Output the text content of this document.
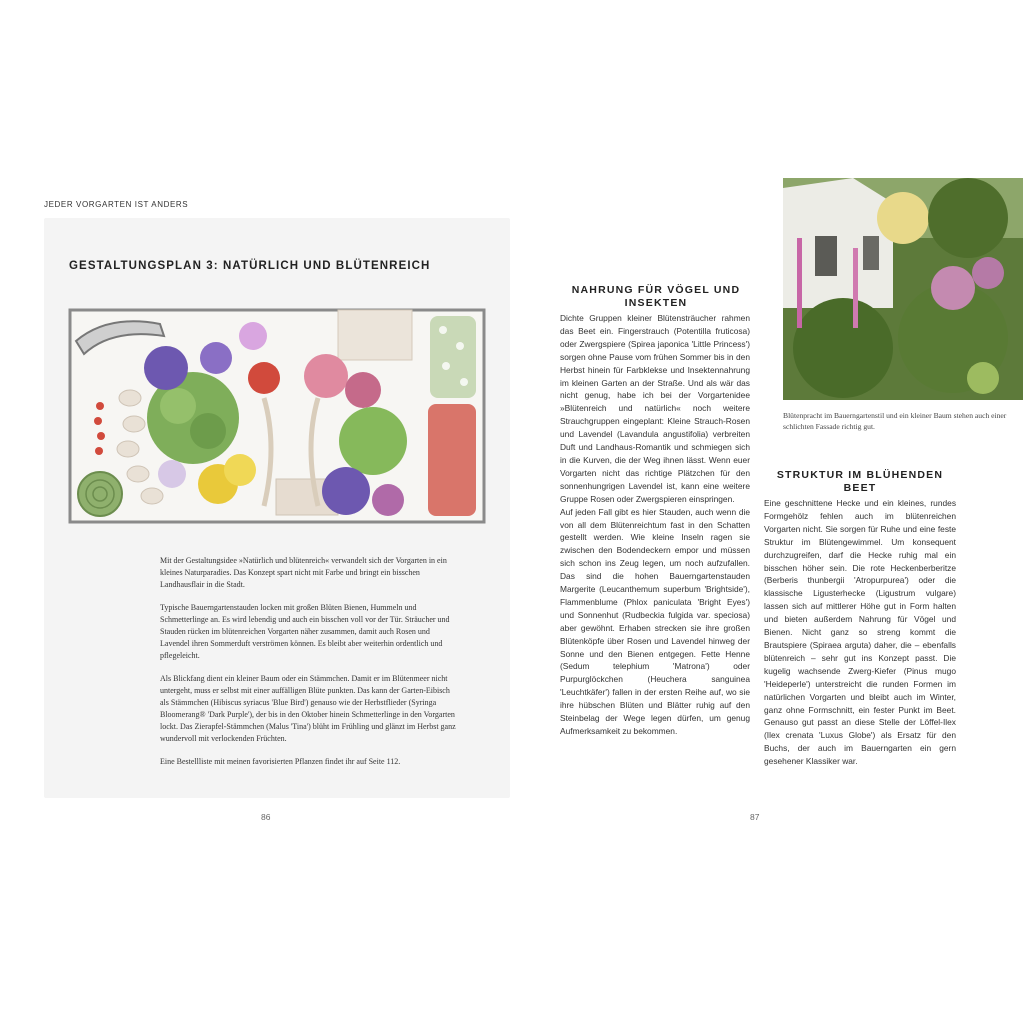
JEDER VORGARTEN IST ANDERS
GESTALTUNGSPLAN 3: NATÜRLICH UND BLÜTENREICH

Mit der Gestaltungsidee »Natürlich und blütenreich« verwandelt sich der Vorgarten in ein kleines Naturparadies. Das Konzept spart nicht mit Farbe und bringt ein bisschen Landhausflair in die Stadt.

Typische Bauerngartenstauden locken mit großen Blüten Bienen, Hummeln und Schmetterlinge an. Es wird lebendig und auch ein bisschen voll vor der Tür. Sträucher und Stauden rücken im blütenreichen Vorgarten näher zusammen, damit auch Rosen und Lavendel ihren Sommerduft verströmen können. Es bleibt aber weiterhin ordentlich und pflegeleicht.

Als Blickfang dient ein kleiner Baum oder ein Stämmchen. Damit er im Blütenmeer nicht untergeht, muss er selbst mit einer auffälligen Blüte punkten. Das kann der Garten-Eibisch als Stämmchen (Hibiscus syriacus 'Blue Bird') genauso wie der Herbstflieder (Syringa Bloomerang® 'Dark Purple'), der bis in den Oktober hinein Schmetterlinge in den Vorgarten lockt. Das Zierapfel-Stämmchen (Malus 'Tina') blüht im Frühling und glänzt im Herbst ganz wundervoll mit verlockenden Früchten.

Eine Bestellliste mit meinen favorisierten Pflanzen findet ihr auf Seite 112.

86
NAHRUNG FÜR VÖGEL UND INSEKTEN

Dichte Gruppen kleiner Blütensträucher rahmen das Beet ein. Fingerstrauch (Potentilla fruticosa) oder Zwergspiere (Spirea japonica 'Little Princess') sorgen ohne Pause vom frühen Sommer bis in den Herbst hinein für Farbklekse und Insektennahrung im kleinen Garten an der Straße. Und als wär das nicht genug, habe ich bei der Vorgartenidee »Blütenreich und natürlich« noch weitere Strauchgruppen eingeplant: Kleine Strauch-Rosen und Lavendel (Lavandula angustifolia) verbreiten Duft und Landhaus-Romantik und schmiegen sich in die Kurven, die der Weg ihnen lässt. Wenn euer Vorgarten nicht das richtige Plätzchen für den sonnenhungrigen Lavendel ist, kann eine weitere Gruppe Rosen oder Zwergspieren einspringen.

Auf jeden Fall gibt es hier Stauden, auch wenn die von all dem Blütenreichtum fast in den Schatten gestellt werden. Wie kleine Inseln ragen sie zwischen den Bodendeckern empor und müssen sich schon ins Zeug legen, um noch aufzufallen. Das sind die hohen Bauerngartenstauden Margerite (Leucanthemum superbum 'Brightside'), Flammenblume (Phlox paniculata 'Bright Eyes') und Sonnenhut (Rudbeckia fulgida var. speciosa) aber gewöhnt. Erhaben strecken sie ihre großen Blütenköpfe über Rosen und Lavendel hinweg der Sonne und den Bienen entgegen. Fette Henne (Sedum telephium 'Matrona') oder Purpurglöckchen (Heuchera sanguinea 'Leuchtkäfer') fallen in der ersten Reihe auf, wo sie ihre hübschen Blüten und Blätter ruhig auf den Steinbelag der Wege legen dürfen, um genug Aufmerksamkeit zu bekommen.

Blütenpracht im Bauerngartenstil und ein kleiner Baum stehen auch einer schlichten Fassade richtig gut.
STRUKTUR IM BLÜHENDEN BEET

Eine geschnittene Hecke und ein kleines, rundes Formgehölz fehlen auch im blütenreichen Vorgarten nicht. Sie sorgen für Ruhe und eine feste Struktur im Blütengewimmel. Um konsequent durchzugreifen, darf die Hecke ruhig mal ein bisschen höher sein. Die rote Heckenberberitze (Berberis thunbergii 'Atropurpurea') oder die klassische Ligusterhecke (Ligustrum vulgare) lassen sich auf mittlerer Höhe gut in Form halten und bieten außerdem Nahrung für Vögel und Bienen. Nicht ganz so streng kommt die Brautspiere (Spiraea arguta) daher, die – ebenfalls blütenreich – sehr gut ins Konzept passt. Die kugelig wachsende Zwerg-Kiefer (Pinus mugo 'Heideperle') unterstreicht die runden Formen im natürlichen Vorgarten und bleibt auch im Winter, ganz ohne Formschnitt, ein fester Punkt im Beet. Genauso gut passt an diese Stelle der Löffel-Ilex (Ilex crenata 'Luxus Globe') als Ersatz für den Buchs, der auch im Bauerngarten ein gern gesehener Klassiker war.

87
